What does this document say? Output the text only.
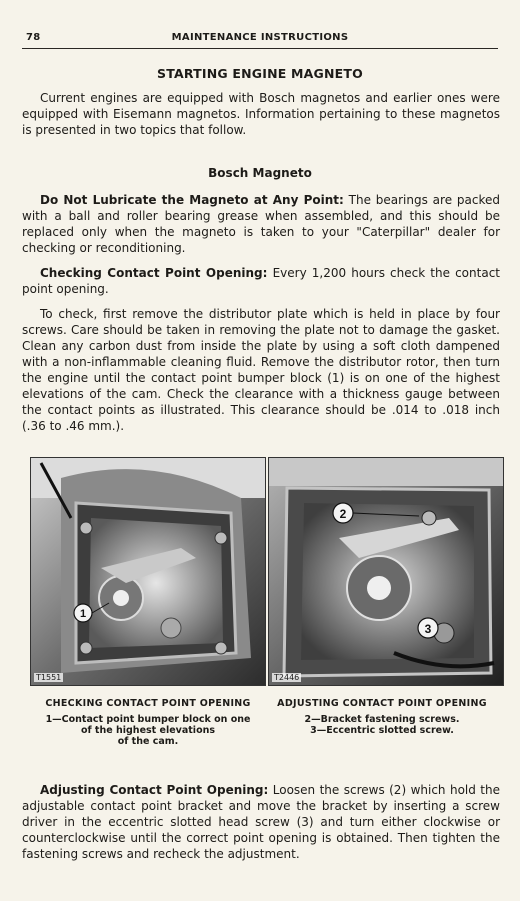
78	MAINTENANCE INSTRUCTIONS
STARTING ENGINE MAGNETO

Current engines are equipped with Bosch magnetos and earlier ones were equipped with Eisemann magnetos. Information pertaining to these magnetos is presented in two topics that follow.

Bosch Magneto

Do Not Lubricate the Magneto at Any Point: The bearings are packed with a ball and roller bearing grease when assembled, and this should be replaced only when the magneto is taken to your "Caterpillar" dealer for checking or reconditioning.

Checking Contact Point Opening: Every 1,200 hours check the contact point opening.

To check, first remove the distributor plate which is held in place by four screws. Care should be taken in removing the plate not to damage the gasket. Clean any carbon dust from inside the plate by using a soft cloth dampened with a non-inflammable cleaning fluid. Remove the distributor rotor, then turn the engine until the contact point bumper block (1) is on one of the highest elevations of the cam. Check the clearance with a thickness gauge between the contact points as illustrated. This clearance should be .014 to .018 inch (.36 to .46 mm.).

1
T1551
2
3
T2446
CHECKING CONTACT POINT OPENING
1—Contact point bumper block on one
of the highest elevations
of the cam.
ADJUSTING CONTACT POINT OPENING
2—Bracket fastening screws.
3—Eccentric slotted screw.

Adjusting Contact Point Opening: Loosen the screws (2) which hold the adjustable contact point bracket and move the bracket by inserting a screw driver in the eccentric slotted head screw (3) and turn either clockwise or counterclockwise until the correct point opening is obtained. Then tighten the fastening screws and recheck the adjustment.
